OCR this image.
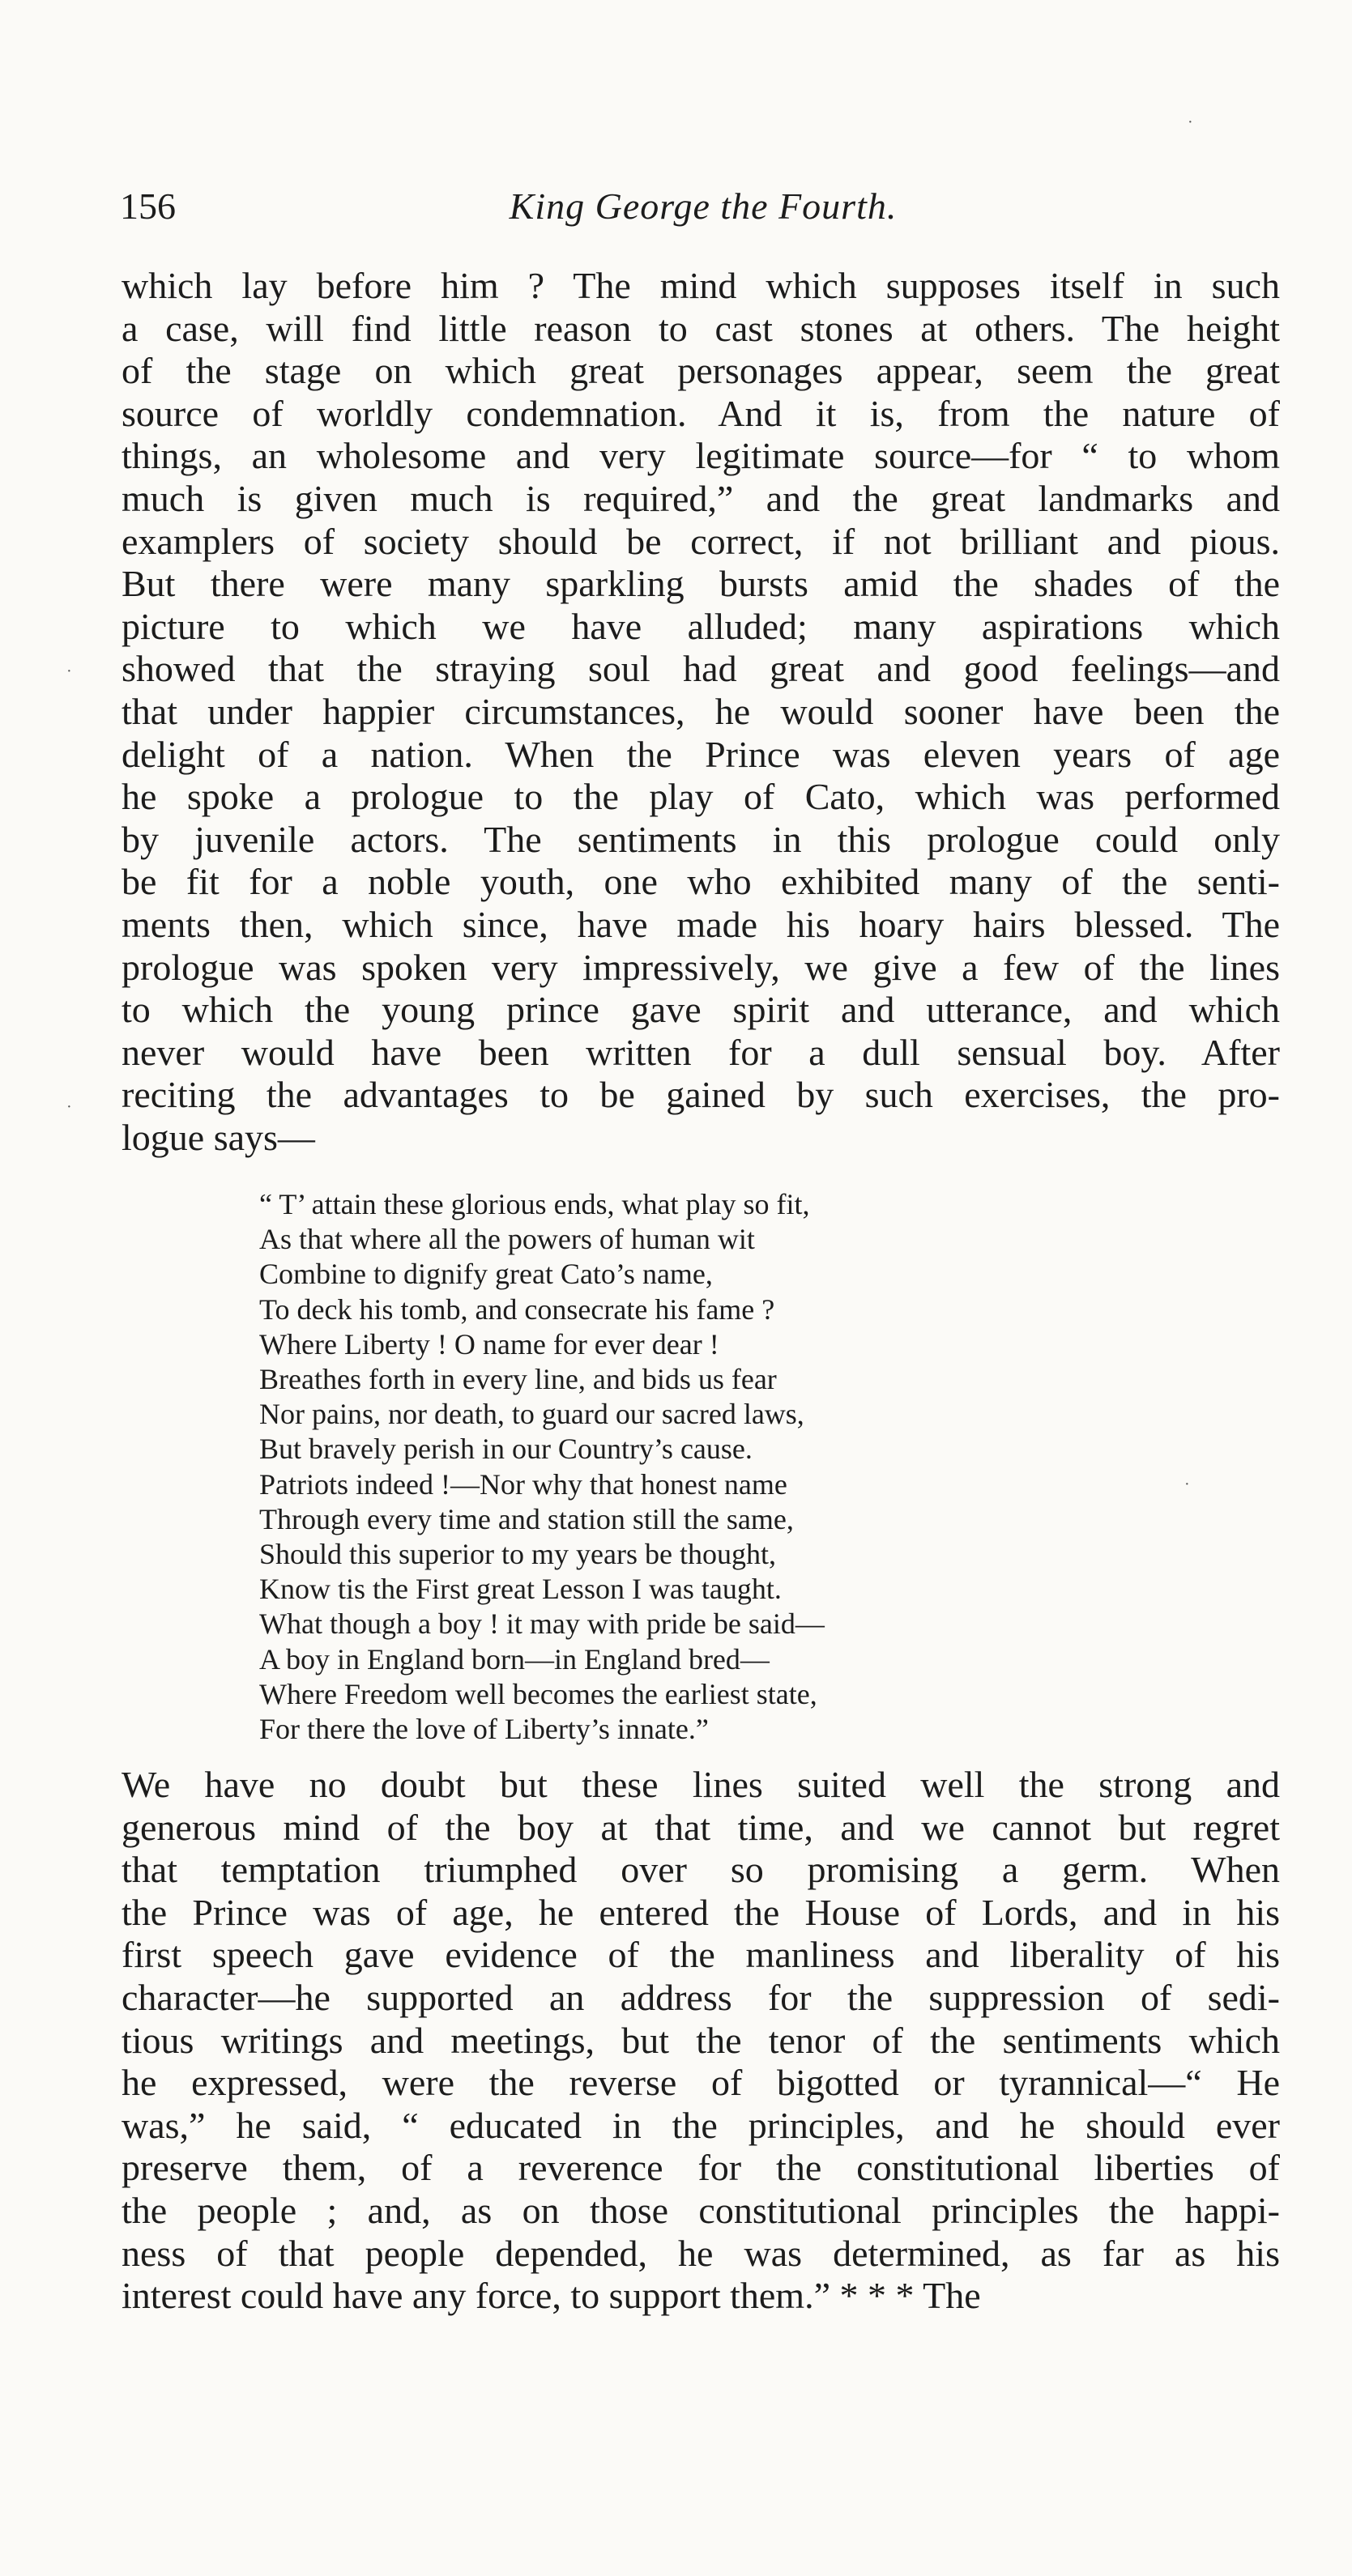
156	King George the Fourth.
which lay before him ? The mind which supposes itself in such
a case, will find little reason to cast stones at others. The height
of the stage on which great personages appear, seem the great
source of worldly condemnation. And it is, from the nature of
things, an wholesome and very legitimate source—for “ to whom
much is given much is required,” and the great landmarks and
examplers of society should be correct, if not brilliant and pious.
But there were many sparkling bursts amid the shades of the
picture to which we have alluded; many aspirations which
showed that the straying soul had great and good feelings—and
that under happier circumstances, he would sooner have been the
delight of a nation. When the Prince was eleven years of age
he spoke a prologue to the play of Cato, which was performed
by juvenile actors. The sentiments in this prologue could only
be fit for a noble youth, one who exhibited many of the senti-
ments then, which since, have made his hoary hairs blessed. The
prologue was spoken very impressively, we give a few of the lines
to which the young prince gave spirit and utterance, and which
never would have been written for a dull sensual boy. After
reciting the advantages to be gained by such exercises, the pro-
logue says—
“ T’ attain these glorious ends, what play so fit,
As that where all the powers of human wit
Combine to dignify great Cato’s name,
To deck his tomb, and consecrate his fame ?
Where Liberty ! O name for ever dear !
Breathes forth in every line, and bids us fear
Nor pains, nor death, to guard our sacred laws,
But bravely perish in our Country’s cause.
Patriots indeed !—Nor why that honest name
Through every time and station still the same,
Should this superior to my years be thought,
Know tis the First great Lesson I was taught.
What though a boy ! it may with pride be said—
A boy in England born—in England bred—
Where Freedom well becomes the earliest state,
For there the love of Liberty’s innate.”
We have no doubt but these lines suited well the strong and
generous mind of the boy at that time, and we cannot but regret
that temptation triumphed over so promising a germ. When
the Prince was of age, he entered the House of Lords, and in his
first speech gave evidence of the manliness and liberality of his
character—he supported an address for the suppression of sedi-
tious writings and meetings, but the tenor of the sentiments which
he expressed, were the reverse of bigotted or tyrannical—“ He
was,” he said, “ educated in the principles, and he should ever
preserve them, of a reverence for the constitutional liberties of
the people ; and, as on those constitutional principles the happi-
ness of that people depended, he was determined, as far as his
interest could have any force, to support them.” * * * The
·
·
·
·
